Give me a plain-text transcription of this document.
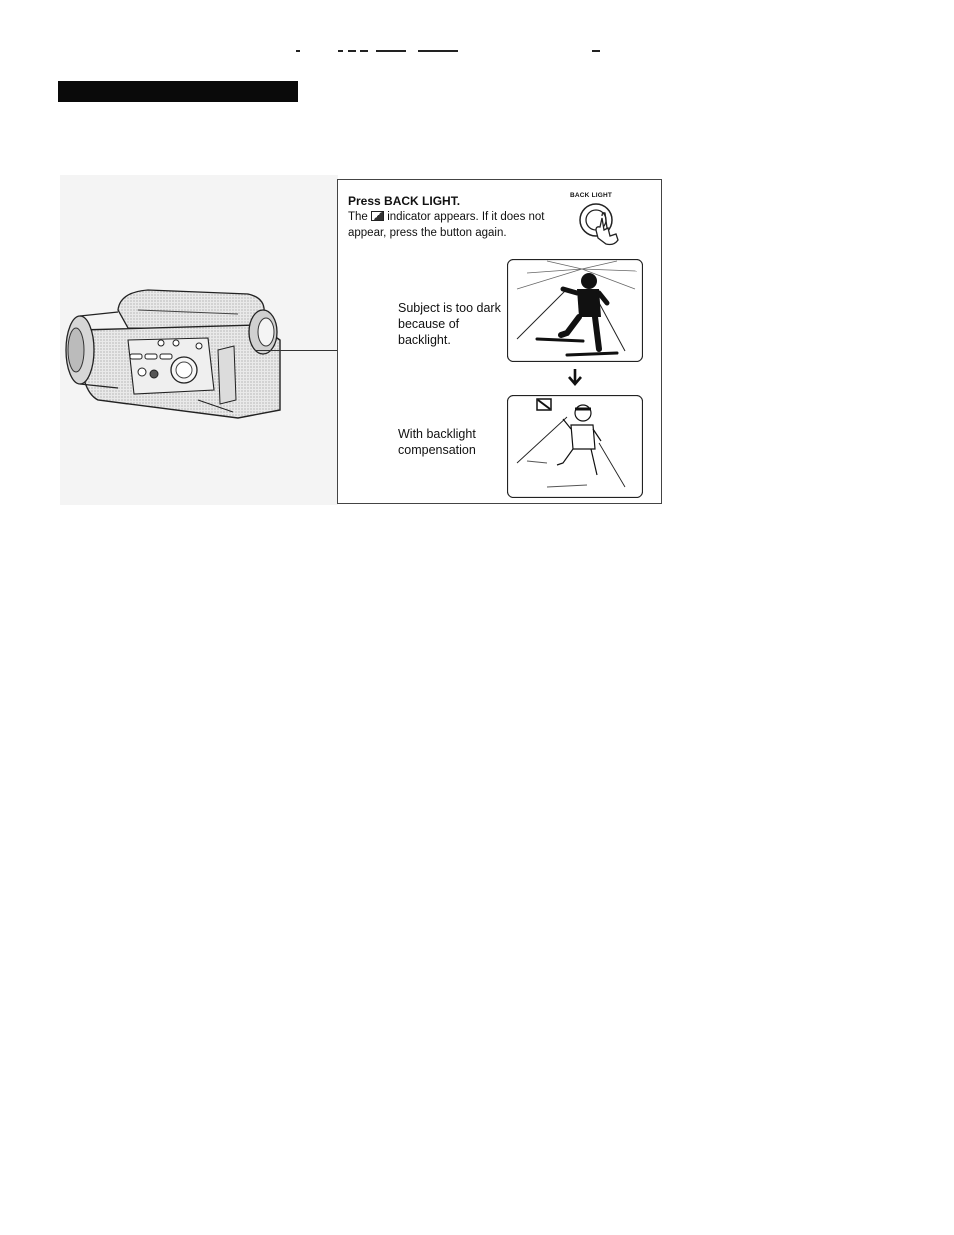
Press BACK LIGHT.
The indicator appears. If it does not appear, press the button again.
BACK LIGHT
Subject is too dark because of backlight.
With backlight compensation
